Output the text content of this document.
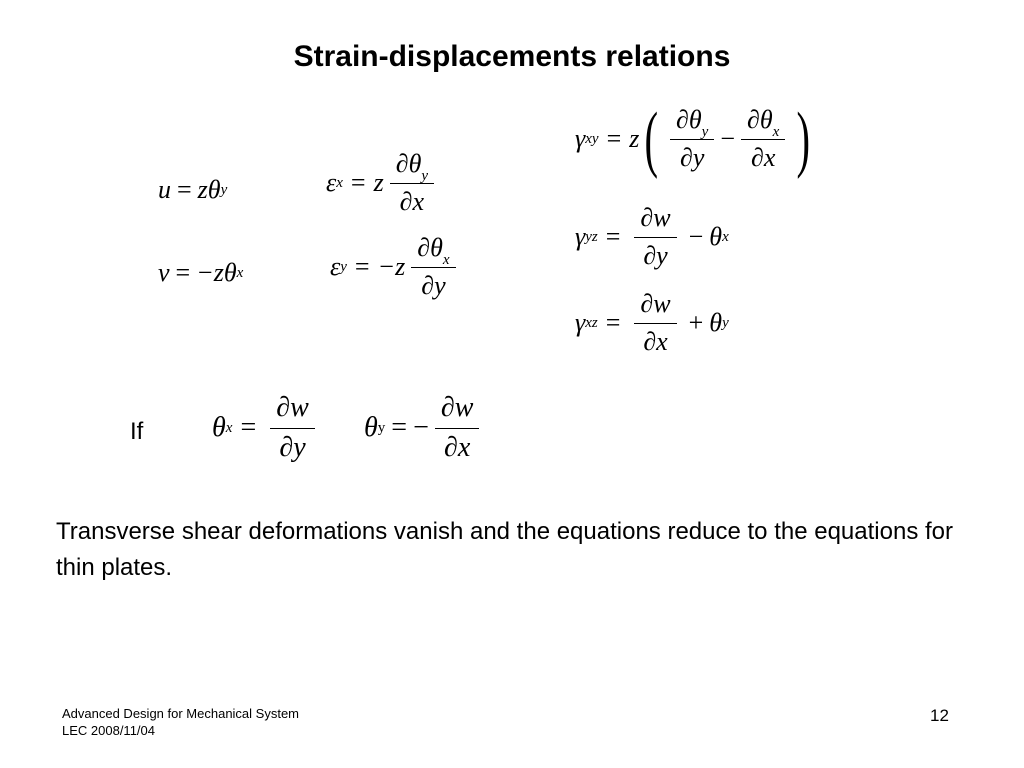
Strain-displacements relations
u = z θ y
v = −z θ x
ε x = z $\frac{\partial\theta_y}{\partial x}$
ε $y = -z \frac{\partial\theta_x}{\partial y}$
γ xy = z ( $\frac{\partial\theta_y}{\partial y} - \frac{\partial\theta_x}{\partial x}$ )
γ yz = $\frac{\partial w}{\partial y} - \theta$ x
γ xz = $\frac{\partial w}{\partial x} + \theta$ y
If θ $x = \frac{\partial w}{\partial y}$ θ y = − $\frac{\partial w}{\partial x}$
Transverse shear deformations vanish and the equations reduce to the equations for thin plates.
Advanced Design for Mechanical System LEC 2008/11/04
12
